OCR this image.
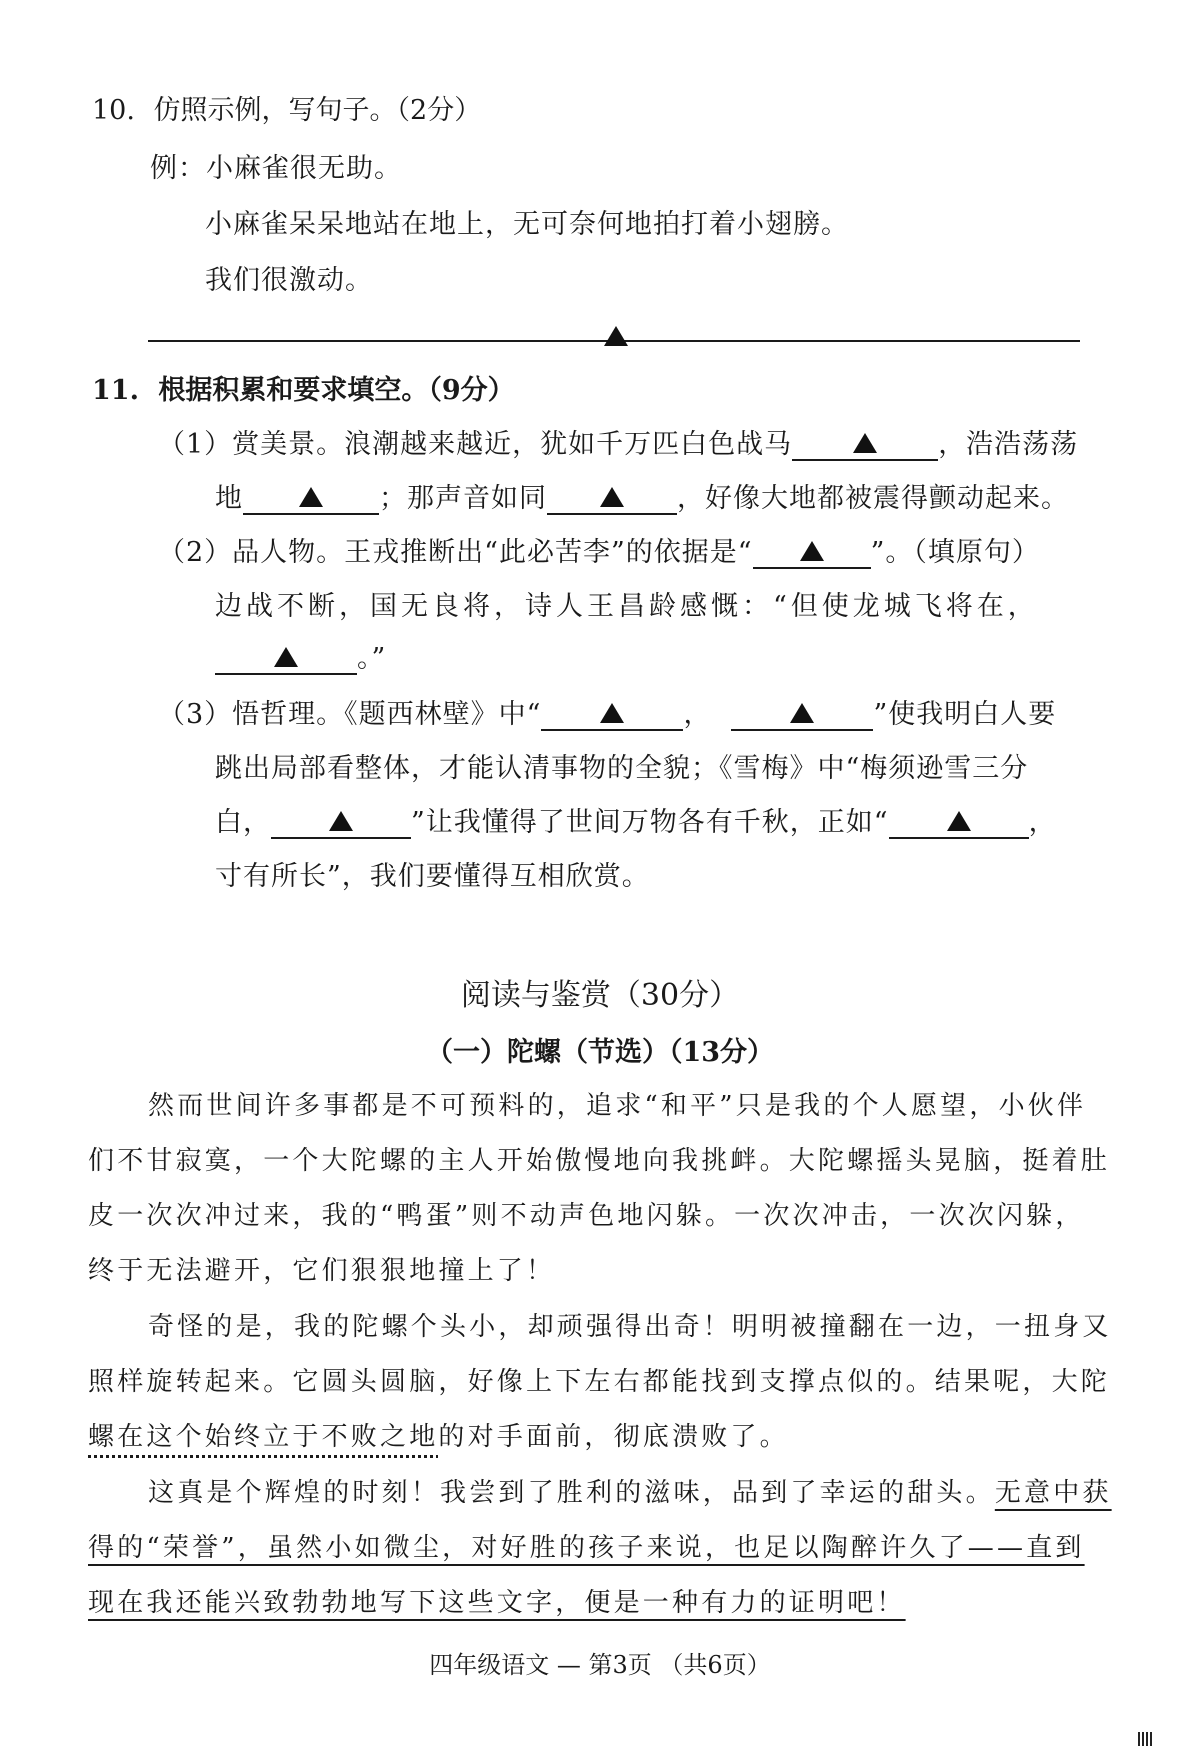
10. 仿照示例，写句子。（2分）
例：小麻雀很无助。
小麻雀呆呆地站在地上，无可奈何地拍打着小翅膀。
我们很激动。
11. 根据积累和要求填空。（9分）
（1）赏美景。浪潮越来越近，犹如千万匹白色战马	，浩浩荡荡
地	；那声音如同	，好像大地都被震得颤动起来。
（2）品人物。王戎推断出“此必苦李”的依据是“	”。（填原句）
边战不断，国无良将，诗人王昌龄感慨：“但使龙城飞将在，
。”
（3）悟哲理。《题西林壁》中“	，	”使我明白人要
跳出局部看整体，才能认清事物的全貌；《雪梅》中“梅须逊雪三分
白，	”让我懂得了世间万物各有千秋，正如“	，
寸有所长”，我们要懂得互相欣赏。
阅读与鉴赏（30分）
（一）陀螺（节选）（13分）
然而世间许多事都是不可预料的，追求“和平”只是我的个人愿望，小伙伴
们不甘寂寞，一个大陀螺的主人开始傲慢地向我挑衅。大陀螺摇头晃脑，挺着肚
皮一次次冲过来，我的“鸭蛋”则不动声色地闪躲。一次次冲击，一次次闪躲，
终于无法避开，它们狠狠地撞上了！
奇怪的是，我的陀螺个头小，却顽强得出奇！明明被撞翻在一边，一扭身又
照样旋转起来。它圆头圆脑，好像上下左右都能找到支撑点似的。结果呢，大陀
螺在这个始终立于不败之地的对手面前，彻底溃败了。
这真是个辉煌的时刻！我尝到了胜利的滋味，品到了幸运的甜头。无意中获
得的“荣誉”，虽然小如微尘，对好胜的孩子来说，也足以陶醉许久了——直到
现在我还能兴致勃勃地写下这些文字，便是一种有力的证明吧！
四年级语文 — 第3页 （共6页）
